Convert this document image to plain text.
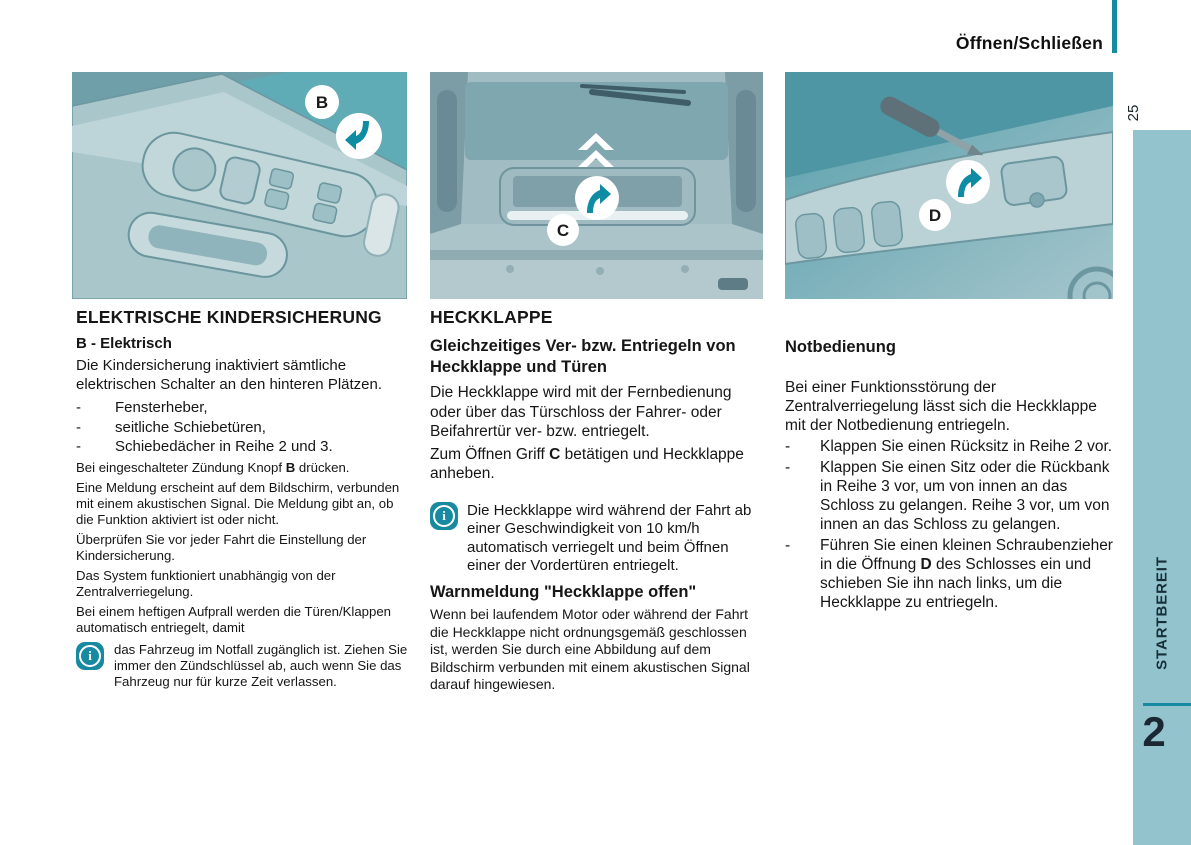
Öffnen/Schließen
25
STARTBEREIT
2
B
C
D
ELEKTRISCHE KINDERSICHERUNG
B - Elektrisch

Die Kindersicherung inaktiviert sämtliche elektrischen Schalter an den hinteren Plätzen.

-	Fensterheber,
-	seitliche Schiebetüren,
-	Schiebedächer in Reihe 2 und 3.

Bei eingeschalteter Zündung Knopf B drücken.

Eine Meldung erscheint auf dem Bildschirm, verbunden mit einem akustischen Signal. Die Meldung gibt an, ob die Funktion aktiviert ist oder nicht.

Überprüfen Sie vor jeder Fahrt die Einstellung der Kindersicherung.

Das System funktioniert unabhängig von der Zentralverriegelung.

Bei einem heftigen Aufprall werden die Türen/Klappen automatisch entriegelt, damit

i	das Fahrzeug im Notfall zugänglich ist. Ziehen Sie immer den Zündschlüssel ab, auch wenn Sie das Fahrzeug nur für kurze Zeit verlassen.

HECKKLAPPE
Gleichzeitiges Ver- bzw. Entriegeln von Heckklappe und Türen

Die Heckklappe wird mit der Fernbedienung oder über das Türschloss der Fahrer- oder Beifahrertür ver- bzw. entriegelt.

Zum Öffnen Griff C betätigen und Heckklappe anheben.

i	Die Heckklappe wird während der Fahrt ab einer Geschwindigkeit von 10 km/h automatisch verriegelt und beim Öffnen einer der Vordertüren entriegelt.

Warnmeldung "Heckklappe offen"

Wenn bei laufendem Motor oder während der Fahrt die Heckklappe nicht ordnungsgemäß geschlossen ist, werden Sie durch eine Abbildung auf dem Bildschirm verbunden mit einem akustischen Signal darauf hingewiesen.

Notbedienung

Bei einer Funktionsstörung der Zentralverriegelung lässt sich die Heckklappe mit der Notbedienung entriegeln.

-	Klappen Sie einen Rücksitz in Reihe 2 vor.
-	Klappen Sie einen Sitz oder die Rückbank in Reihe 3 vor, um von innen an das Schloss zu gelangen. Reihe 3 vor, um von innen an das Schloss zu gelangen.
-	Führen Sie einen kleinen Schraubenzieher in die Öffnung D des Schlosses ein und schieben Sie ihn nach links, um die Heckklappe zu entriegeln.
